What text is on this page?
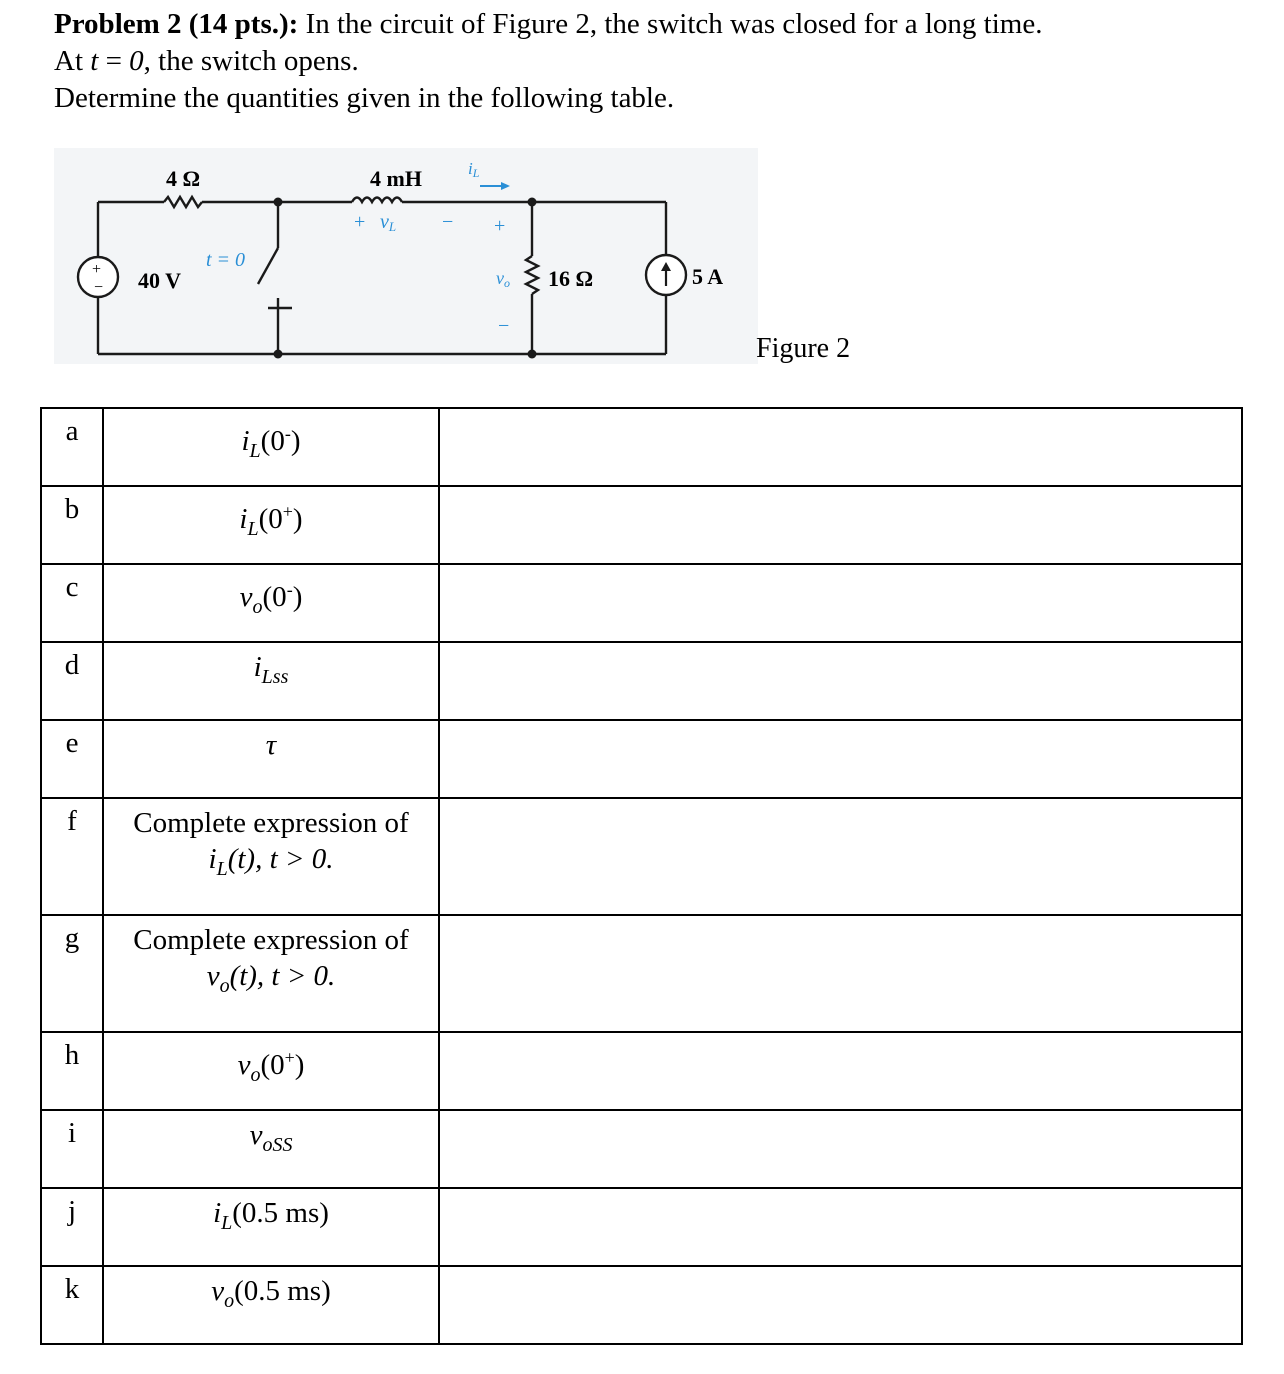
Problem 2 (14 pts.): In the circuit of Figure 2, the switch was closed for a long time.
At t = 0, the switch opens.
Determine the quantities given in the following table.
4 Ω	4 mH	iL
+ vL − +
vo
−
t = 0
40 V
+
−	16 Ω	5 A
Figure 2
a	$i_L(0^-)$	
b	$i_L(0^+)$	
c	$v_o(0^-)$	
d	$i_{Lss}$	
e	τ	
f	Complete expression of
$i_L(t)$, t > 0.	

g	Complete expression of
$v_o(t)$, t > 0.	

h	$v_o(0^+)$	
i	$v_{oSS}$	
j	$i_L(0.5$ ms)	
k	$v_o(0.5$ ms)	
